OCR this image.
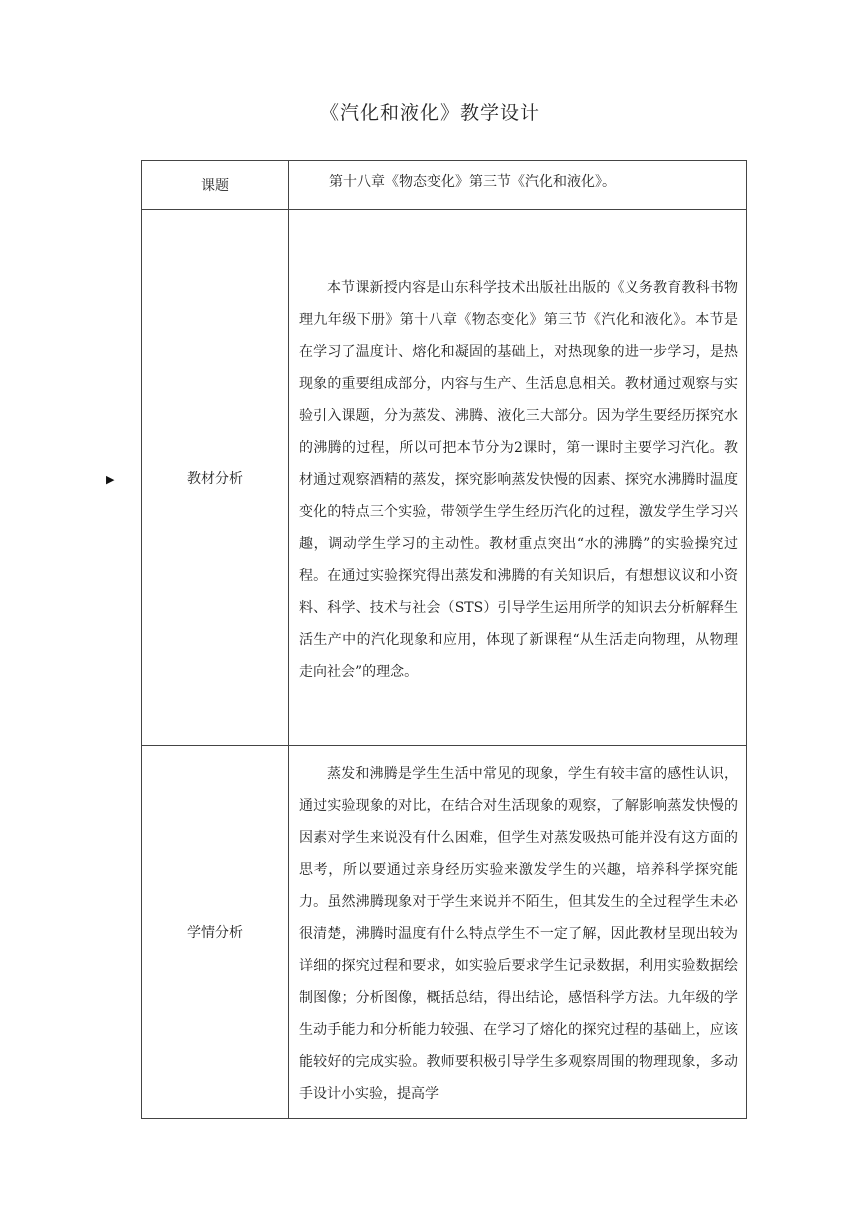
《汽化和液化》教学设计
▶
课题	第十八章《物态变化》第三节《汽化和液化》。

教材分析	本节课新授内容是山东科学技术出版社出版的《义务教育教科书物理九年级下册》第十八章《物态变化》第三节《汽化和液化》。本节是在学习了温度计、熔化和凝固的基础上，对热现象的进一步学习，是热现象的重要组成部分，内容与生产、生活息息相关。教材通过观察与实验引入课题，分为蒸发、沸腾、液化三大部分。因为学生要经历探究水的沸腾的过程，所以可把本节分为2课时，第一课时主要学习汽化。教材通过观察酒精的蒸发，探究影响蒸发快慢的因素、探究水沸腾时温度变化的特点三个实验，带领学生学生经历汽化的过程，激发学生学习兴趣，调动学生学习的主动性。教材重点突出“水的沸腾”的实验操究过程。在通过实验探究得出蒸发和沸腾的有关知识后，有想想议议和小资料、科学、技术与社会（STS）引导学生运用所学的知识去分析解释生活生产中的汽化现象和应用，体现了新课程“从生活走向物理，从物理走向社会”的理念。

学情分析	蒸发和沸腾是学生生活中常见的现象，学生有较丰富的感性认识，通过实验现象的对比，在结合对生活现象的观察，了解影响蒸发快慢的因素对学生来说没有什么困难，但学生对蒸发吸热可能并没有这方面的思考，所以要通过亲身经历实验来激发学生的兴趣，培养科学探究能力。虽然沸腾现象对于学生来说并不陌生，但其发生的全过程学生未必很清楚，沸腾时温度有什么特点学生不一定了解，因此教材呈现出较为详细的探究过程和要求，如实验后要求学生记录数据，利用实验数据绘制图像；分析图像，概括总结，得出结论，感悟科学方法。九年级的学生动手能力和分析能力较强、在学习了熔化的探究过程的基础上，应该能较好的完成实验。教师要积极引导学生多观察周围的物理现象，多动手设计小实验，提高学
